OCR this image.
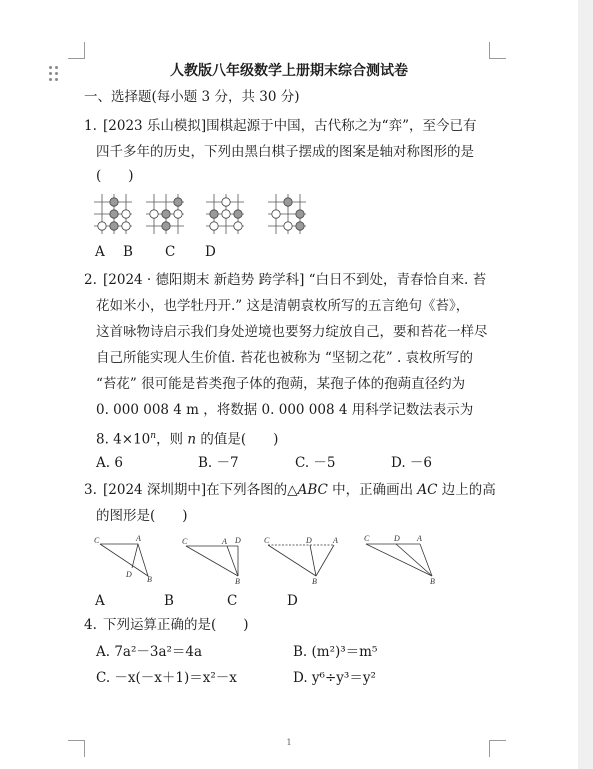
人教版八年级数学上册期末综合测试卷
一、选择题(每小题 3 分，共 30 分)
1. [2023 乐山模拟]围棋起源于中国，古代称之为“弈”，至今已有
四千多年的历史，下列由黑白棋子摆成的图案是轴对称图形的是
(　　)
A B C D
2. [2024 · 德阳期末 新趋势 跨学科] “白日不到处，青春恰自来. 苔
花如米小，也学牡丹开.” 这是清朝袁枚所写的五言绝句《苔》，
这首咏物诗启示我们身处逆境也要努力绽放自己，要和苔花一样尽
自己所能实现人生价值. 苔花也被称为 “坚韧之花” . 袁枚所写的
“苔花” 很可能是苔类孢子体的孢蒴，某孢子体的孢蒴直径约为
0. 000 008 4 m ，将数据 0. 000 008 4 用科学记数法表示为
8. $4\times 10^n$，则 n 的值是(　　)
A. 6	B. －7	C. －5	D. －6
3. [2024 深圳期中]在下列各图的△ABC 中，正确画出 AC 边上的高
的图形是(　　)
C	A
D
B
C	A D
B
C	D	A
B
C	D A
B
A	B	C	D
4. 下列运算正确的是(　　)
A. 7a²－3a²＝4a	B. (m²)³＝m⁵
C. －x(－x＋1)＝x²－x	D. y⁶÷y³＝y²
1
